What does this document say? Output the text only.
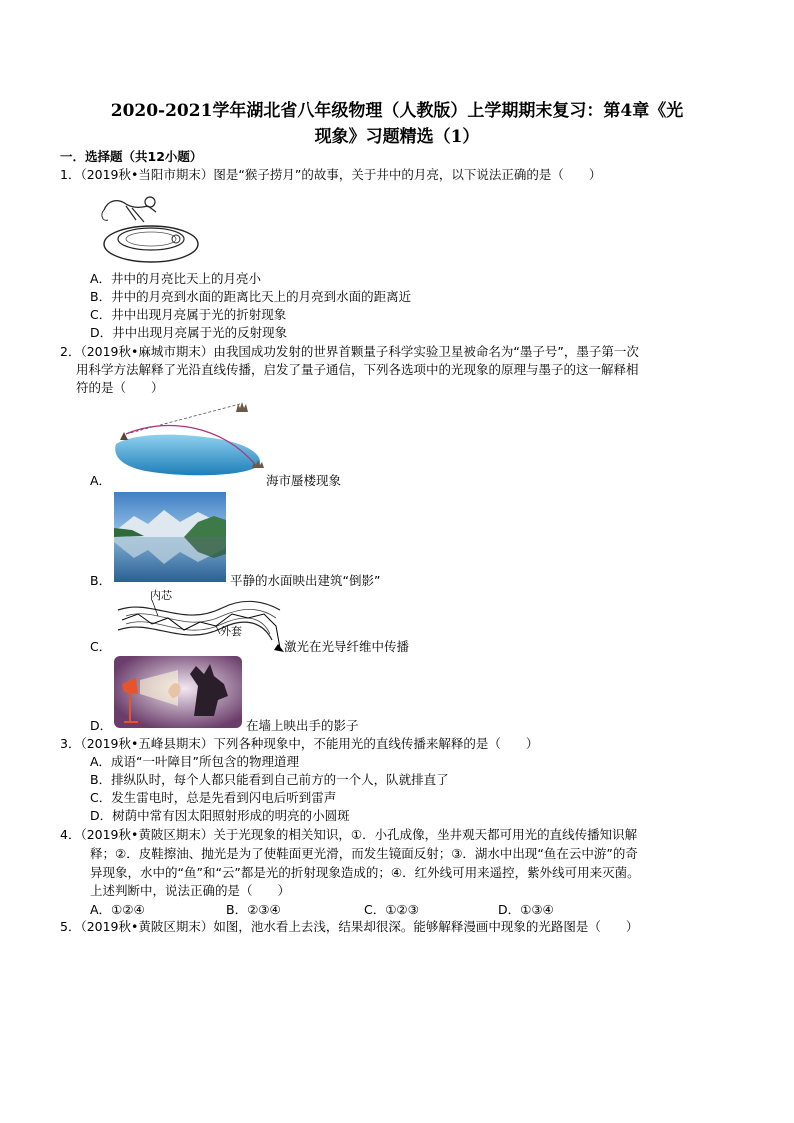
2020-2021学年湖北省八年级物理（人教版）上学期期末复习：第4章《光
现象》习题精选（1）
一．选择题（共12小题）
1．（2019秋•当阳市期末）图是“猴子捞月”的故事，关于井中的月亮，以下说法正确的是（　　）
A．井中的月亮比天上的月亮小
B．井中的月亮到水面的距离比天上的月亮到水面的距离近
C．井中出现月亮属于光的折射现象
D．井中出现月亮属于光的反射现象
2．（2019秋•麻城市期末）由我国成功发射的世界首颗量子科学实验卫星被命名为“墨子号”，墨子第一次
用科学方法解释了光沿直线传播，启发了量子通信，下列各选项中的光现象的原理与墨子的这一解释相
符的是（　　）
A．	海市蜃楼现象
B．	平静的水面映出建筑“倒影”
内芯
外套
C．	激光在光导纤维中传播
D．	在墙上映出手的影子
3．（2019秋•五峰县期末）下列各种现象中，不能用光的直线传播来解释的是（　　）
A．成语“一叶障目”所包含的物理道理
B．排纵队时，每个人都只能看到自己前方的一个人，队就排直了
C．发生雷电时，总是先看到闪电后听到雷声
D．树荫中常有因太阳照射形成的明亮的小圆斑
4．（2019秋•黄陂区期末）关于光现象的相关知识，①．小孔成像，坐井观天都可用光的直线传播知识解
释；②．皮鞋擦油、抛光是为了使鞋面更光滑，而发生镜面反射；③．湖水中出现“鱼在云中游”的奇
异现象，水中的“鱼”和“云”都是光的折射现象造成的；④．红外线可用来遥控，紫外线可用来灭菌。
上述判断中，说法正确的是（　　）
A．①②④	B．②③④	C．①②③	D．①③④
5．（2019秋•黄陂区期末）如图，池水看上去浅，结果却很深。能够解释漫画中现象的光路图是（　　）
